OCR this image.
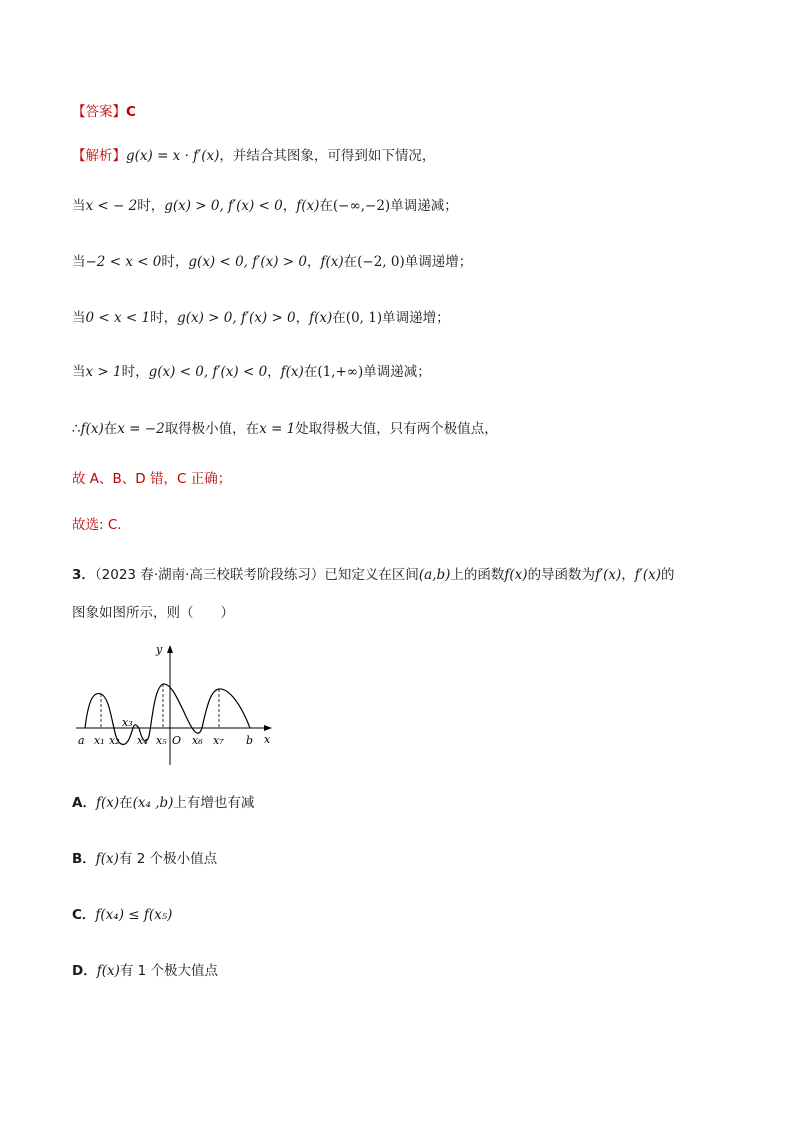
【答案】C
【解析】g(x) = x · f′(x)，并结合其图象，可得到如下情况，
当x < − 2时，g(x) > 0, f′(x) < 0，f(x)在(−∞,−2)单调递减；
当−2 < x < 0时，g(x) < 0, f′(x) > 0，f(x)在(−2, 0)单调递增；
当0 < x < 1时，g(x) > 0, f′(x) > 0，f(x)在(0, 1)单调递增；
当x > 1时，g(x) < 0, f′(x) < 0，f(x)在(1,+∞)单调递减；
∴f(x)在x = −2取得极小值，在x = 1处取得极大值，只有两个极值点，
故 A、B、D 错，C 正确；
故选: C.
3．（2023 春·湖南·高三校联考阶段练习）已知定义在区间(a,b)上的函数f(x)的导函数为f′(x)，f′(x)的
图象如图所示，则（　　）
y
x
a x₁ x₂
x₃
x₄ x₅ O x₆ x₇ b
A．f(x)在(x₄ ,b)上有增也有减
B．f(x)有 2 个极小值点
C．f(x₄) ≤ f(x₅)
D．f(x)有 1 个极大值点
